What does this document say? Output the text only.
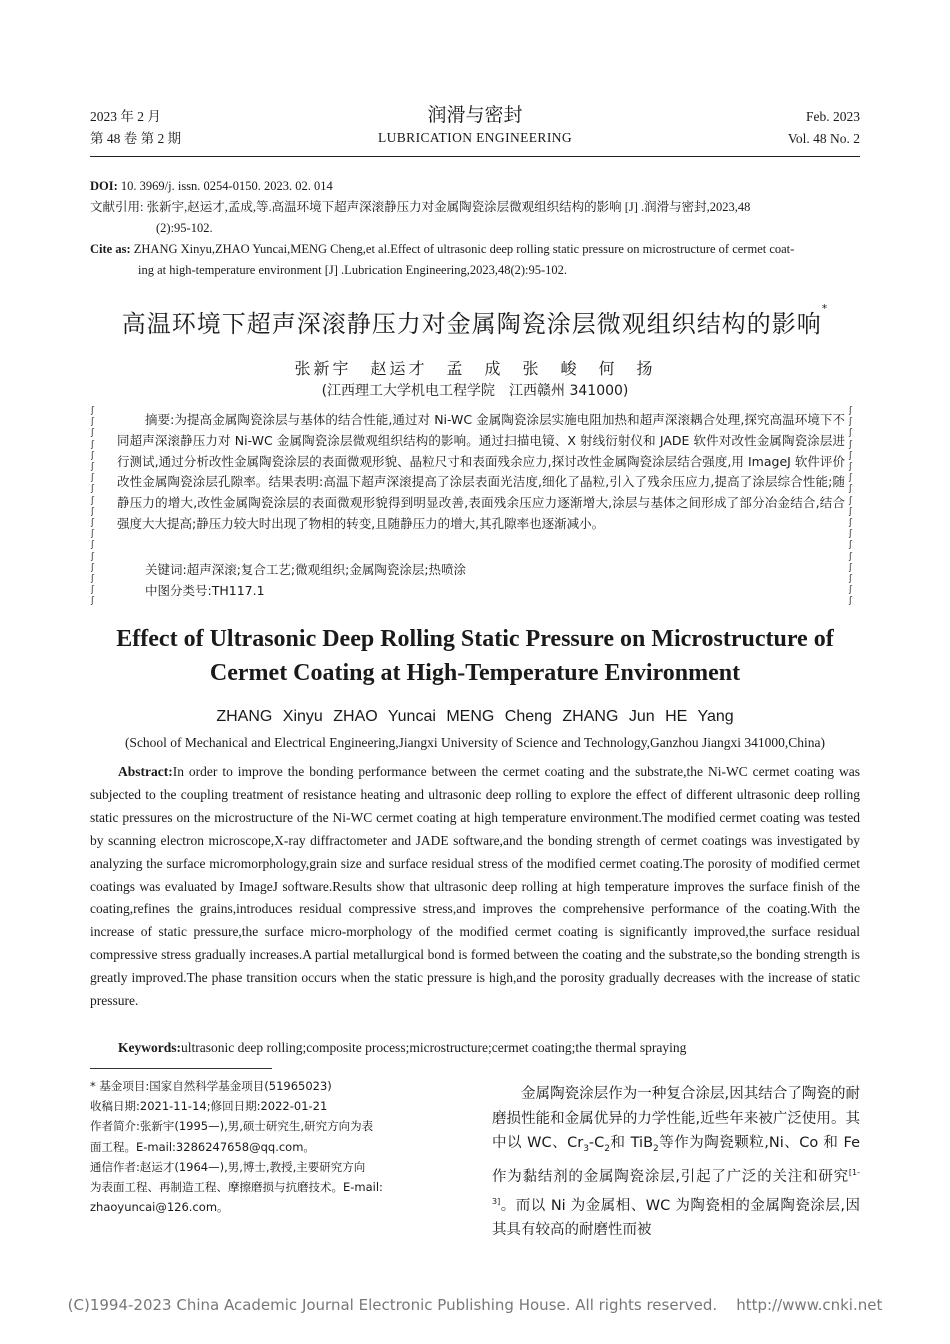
2023 年 2 月
第 48 卷 第 2 期
润滑与密封
LUBRICATION ENGINEERING
Feb. 2023
Vol. 48 No. 2
DOI: 10. 3969/j. issn. 0254-0150. 2023. 02. 014
文献引用: 张新宇,赵运才,孟成,等.高温环境下超声深滚静压力对金属陶瓷涂层微观组织结构的影响 [J] .润滑与密封,2023,48
(2):95-102.
Cite as: ZHANG Xinyu,ZHAO Yuncai,MENG Cheng,et al.Effect of ultrasonic deep rolling static pressure on microstructure of cermet coat-
ing at high-temperature environment [J] .Lubrication Engineering,2023,48(2):95-102.
高温环境下超声深滚静压力对金属陶瓷涂层微观组织结构的影响*
张新宇　赵运才　孟　成　张　峻　何　扬
(江西理工大学机电工程学院　江西赣州 341000)
ʃ
ʃ
ʃ
ʃ
ʃ
ʃ
ʃ
ʃ
ʃ
ʃ
ʃ
ʃ
ʃ
ʃ
ʃ
ʃ
ʃ
ʃ
ʃ
ʃ
ʃ
ʃ
ʃ
ʃ
ʃ
ʃ
ʃ
ʃ
ʃ
ʃ
ʃ
ʃ
ʃ
ʃ
ʃ
ʃ
摘要:为提高金属陶瓷涂层与基体的结合性能,通过对 Ni-WC 金属陶瓷涂层实施电阻加热和超声深滚耦合处理,探究高温环境下不同超声深滚静压力对 Ni-WC 金属陶瓷涂层微观组织结构的影响。通过扫描电镜、X 射线衍射仪和 JADE 软件对改性金属陶瓷涂层进行测试,通过分析改性金属陶瓷涂层的表面微观形貌、晶粒尺寸和表面残余应力,探讨改性金属陶瓷涂层结合强度,用 ImageJ 软件评价改性金属陶瓷涂层孔隙率。结果表明:高温下超声深滚提高了涂层表面光洁度,细化了晶粒,引入了残余压应力,提高了涂层综合性能;随静压力的增大,改性金属陶瓷涂层的表面微观形貌得到明显改善,表面残余压应力逐渐增大,涂层与基体之间形成了部分冶金结合,结合强度大大提高;静压力较大时出现了物相的转变,且随静压力的增大,其孔隙率也逐渐减小。
关键词:超声深滚;复合工艺;微观组织;金属陶瓷涂层;热喷涂
中图分类号:TH117.1
Effect of Ultrasonic Deep Rolling Static Pressure on Microstructure of
Cermet Coating at High-Temperature Environment
ZHANG Xinyu ZHAO Yuncai MENG Cheng ZHANG Jun HE Yang
(School of Mechanical and Electrical Engineering,Jiangxi University of Science and Technology,Ganzhou Jiangxi 341000,China)
Abstract:In order to improve the bonding performance between the cermet coating and the substrate,the Ni-WC cermet coating was subjected to the coupling treatment of resistance heating and ultrasonic deep rolling to explore the effect of different ultrasonic deep rolling static pressures on the microstructure of the Ni-WC cermet coating at high temperature environment.The modified cermet coating was tested by scanning electron microscope,X-ray diffractometer and JADE software,and the bonding strength of cermet coatings was investigated by analyzing the surface micromorphology,grain size and surface residual stress of the modified cermet coating.The porosity of modified cermet coatings was evaluated by ImageJ software.Results show that ultrasonic deep rolling at high temperature improves the surface finish of the coating,refines the grains,introduces residual compressive stress,and improves the comprehensive performance of the coating.With the increase of static pressure,the surface micro-morphology of the modified cermet coating is significantly improved,the surface residual compressive stress gradually increases.A partial metallurgical bond is formed between the coating and the substrate,so the bonding strength is greatly improved.The phase transition occurs when the static pressure is high,and the porosity gradually decreases with the increase of static pressure.
Keywords:ultrasonic deep rolling;composite process;microstructure;cermet coating;the thermal spraying
* 基金项目:国家自然科学基金项目(51965023)
收稿日期:2021-11-14;修回日期:2022-01-21
作者简介:张新宇(1995—),男,硕士研究生,研究方向为表
面工程。E-mail:3286247658@qq.com。
通信作者:赵运才(1964—),男,博士,教授,主要研究方向
为表面工程、再制造工程、摩擦磨损与抗磨技术。E-mail:
zhaoyuncai@126.com。
金属陶瓷涂层作为一种复合涂层,因其结合了陶瓷的耐磨损性能和金属优异的力学性能,近些年来被广泛使用。其中以 WC、$Cr_3-C_2$和 TiB$_2$等作为陶瓷颗粒,Ni、Co 和 Fe 作为黏结剂的金属陶瓷涂层,引起了广泛的关注和研究[1-3]。而以 Ni 为金属相、WC 为陶瓷相的金属陶瓷涂层,因其具有较高的耐磨性而被
(C)1994-2023 China Academic Journal Electronic Publishing House. All rights reserved.    http://www.cnki.net
